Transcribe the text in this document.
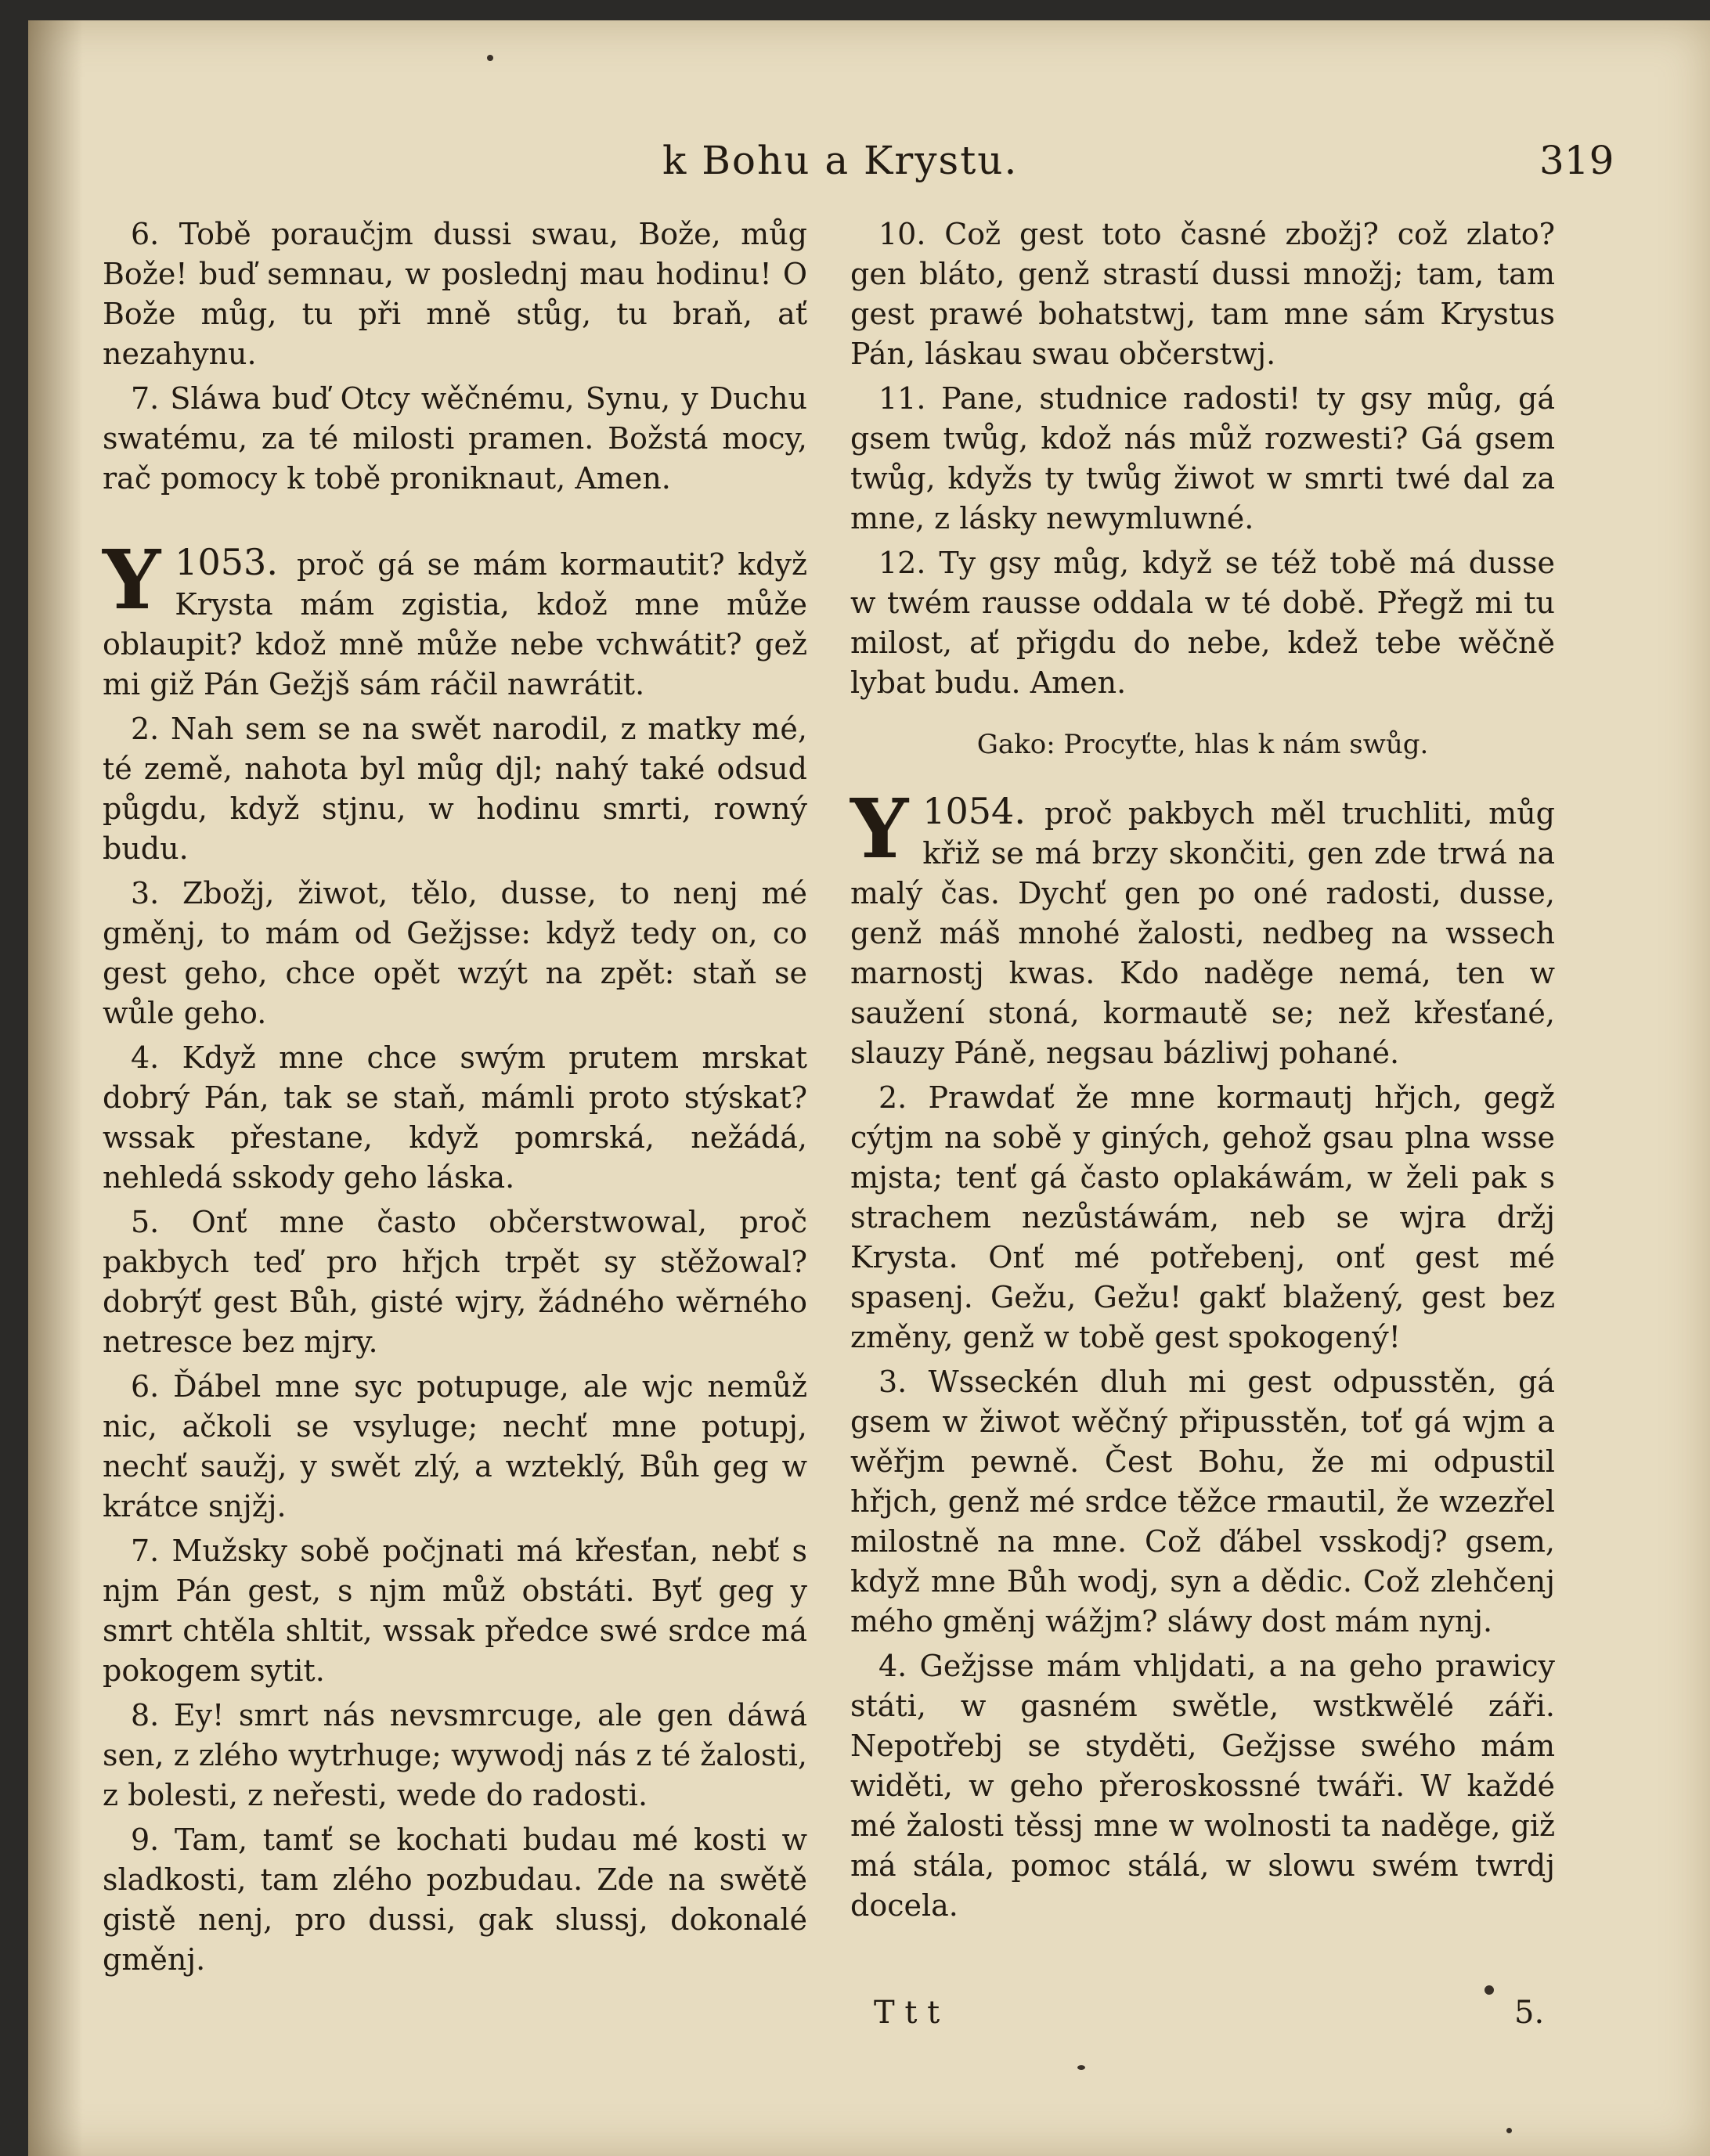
k Bohu a Krystu.	319

6. Tobě poraučjm dussi swau, Bože, můg Bože! buď semnau, w poslednj mau hodinu! O Bože můg, tu při mně stůg, tu braň, ať nezahynu.

7. Sláwa buď Otcy wěčnému, Synu, y Duchu swatému, za té milosti pramen. Božstá mocy, rač pomocy k tobě proniknaut, Amen.

1053.
Y	proč gá se mám kormautit? když Krysta mám zgistia, kdož mne může oblaupit? kdož mně může nebe vchwátit? gež mi giž Pán Gežjš sám ráčil nawrátit.

2. Nah sem se na swět narodil, z matky mé, té země, nahota byl můg djl; nahý také odsud půgdu, když stjnu, w hodinu smrti, rowný budu.

3. Zbožj, žiwot, tělo, dusse, to nenj mé gměnj, to mám od Gežjsse: když tedy on, co gest geho, chce opět wzýt na zpět: staň se wůle geho.

4. Když mne chce swým prutem mrskat dobrý Pán, tak se staň, mámli proto stýskat? wssak přestane, když pomrská, nežádá, nehledá sskody geho láska.

5. Onť mne často občerstwowal, proč pakbych teď pro hřjch trpět sy stěžowal? dobrýť gest Bůh, gisté wjry, žádného wěrného netresce bez mjry.

6. Ďábel mne syc potupuge, ale wjc nemůž nic, ačkoli se vsyluge; nechť mne potupj, nechť saužj, y swět zlý, a wzteklý, Bůh geg w krátce snjžj.

7. Mužsky sobě počjnati má křesťan, nebť s njm Pán gest, s njm můž obstáti. Byť geg y smrt chtěla shltit, wssak předce swé srdce má pokogem sytit.

8. Ey! smrt nás nevsmrcuge, ale gen dáwá sen, z zlého wytrhuge; wywodj nás z té žalosti, z bolesti, z neřesti, wede do radosti.

9. Tam, tamť se kochati budau mé kosti w sladkosti, tam zlého pozbudau. Zde na swětě gistě nenj, pro dussi, gak slussj, dokonalé gměnj.

10. Což gest toto časné zbožj? což zlato? gen bláto, genž strastí dussi množj; tam, tam gest prawé bohatstwj, tam mne sám Krystus Pán, láskau swau občerstwj.

11. Pane, studnice radosti! ty gsy můg, gá gsem twůg, kdož nás můž rozwesti? Gá gsem twůg, kdyžs ty twůg žiwot w smrti twé dal za mne, z lásky newymluwné.

12. Ty gsy můg, když se též tobě má dusse w twém rausse oddala w té době. Přegž mi tu milost, ať přigdu do nebe, kdež tebe wěčně lybat budu. Amen.

Gako: Procyťte, hlas k nám swůg.

1054.
Y	proč pakbych měl truchliti, můg křiž se má brzy skončiti, gen zde trwá na malý čas. Dychť gen po oné radosti, dusse, genž máš mnohé žalosti, nedbeg na wssech marnostj kwas. Kdo naděge nemá, ten w saužení stoná, kormautě se; než křesťané, slauzy Páně, negsau bázliwj pohané.

2. Prawdať že mne kormautj hřjch, gegž cýtjm na sobě y giných, gehož gsau plna wsse mjsta; tenť gá často oplakáwám, w želi pak s strachem nezůstáwám, neb se wjra držj Krysta. Onť mé potřebenj, onť gest mé spasenj. Gežu, Gežu! gakť blažený, gest bez změny, genž w tobě gest spokogený!

3. Wsseckén dluh mi gest odpusstěn, gá gsem w žiwot wěčný připusstěn, toť gá wjm a wěřjm pewně. Čest Bohu, že mi odpustil hřjch, genž mé srdce těžce rmautil, že wzezřel milostně na mne. Což ďábel vsskodj? gsem, když mne Bůh wodj, syn a dědic. Což zlehčenj mého gměnj wážjm? sláwy dost mám nynj.

4. Gežjsse mám vhljdati, a na geho prawicy státi, w gasném swětle, wstkwělé záři. Nepotřebj se styděti, Gežjsse swého mám widěti, w geho přeroskossné twáři. W každé mé žalosti těssj mne w wolnosti ta naděge, giž má stála, pomoc stálá, w slowu swém twrdj docela.

T t t	5.
